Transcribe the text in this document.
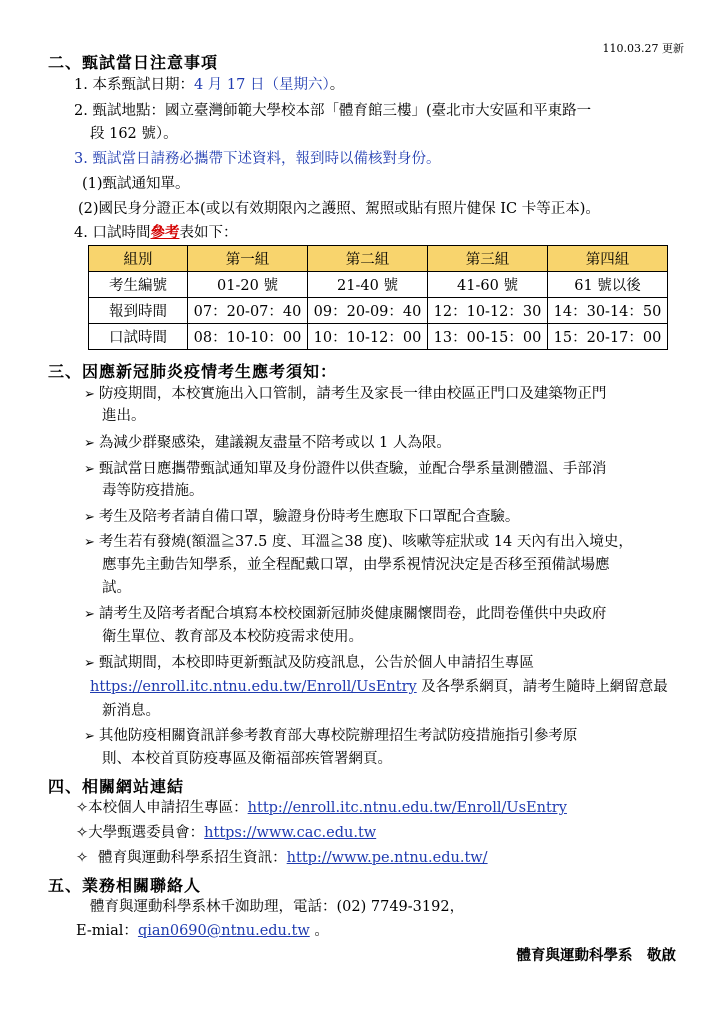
110.03.27 更新
二、甄試當日注意事項
1. 本系甄試日期：4 月 17 日（星期六）。
2. 甄試地點：國立臺灣師範大學校本部「體育館三樓」(臺北市大安區和平東路一
段 162 號）。
3. 甄試當日請務必攜帶下述資料，報到時以備核對身份。
(1)甄試通知單。
(2)國民身分證正本(或以有效期限內之護照、駕照或貼有照片健保 IC 卡等正本)。
4. 口試時間參考表如下：
組別	第一組	第二組	第三組	第四組
考生編號	01-20 號	21-40 號	41-60 號	61 號以後
報到時間	07：20-07：40	09：20-09：40	12：10-12：30	14：30-14：50
口試時間	08：10-10：00	10：10-12：00	13：00-15：00	15：20-17：00
三、因應新冠肺炎疫情考生應考須知：
➢ 防疫期間，本校實施出入口管制，請考生及家長一律由校區正門口及建築物正門
進出。
➢ 為減少群聚感染，建議親友盡量不陪考或以 1 人為限。
➢ 甄試當日應攜帶甄試通知單及身份證件以供查驗，並配合學系量測體溫、手部消
毒等防疫措施。
➢ 考生及陪考者請自備口罩，驗證身份時考生應取下口罩配合查驗。
➢ 考生若有發燒(額溫≧37.5 度、耳溫≧38 度)、咳嗽等症狀或 14 天內有出入境史，
應事先主動告知學系，並全程配戴口罩，由學系視情況決定是否移至預備試場應
試。
➢ 請考生及陪考者配合填寫本校校園新冠肺炎健康關懷問卷，此問卷僅供中央政府
衛生單位、教育部及本校防疫需求使用。
➢ 甄試期間，本校即時更新甄試及防疫訊息，公告於個人申請招生專區
https://enroll.itc.ntnu.edu.tw/Enroll/UsEntry 及各學系網頁，請考生隨時上網留意最
新消息。
➢ 其他防疫相關資訊詳參考教育部大專校院辦理招生考試防疫措施指引參考原
則、本校首頁防疫專區及衛福部疾管署網頁。
四、相關網站連結
✧本校個人申請招生專區：http://enroll.itc.ntnu.edu.tw/Enroll/UsEntry
✧大學甄選委員會：https://www.cac.edu.tw
✧ 體育與運動科學系招生資訊：http://www.pe.ntnu.edu.tw/
五、業務相關聯絡人
體育與運動科學系林千洳助理，電話：(02) 7749-3192，
E-mial：qian0690@ntnu.edu.tw 。
體育與運動科學系　敬啟
